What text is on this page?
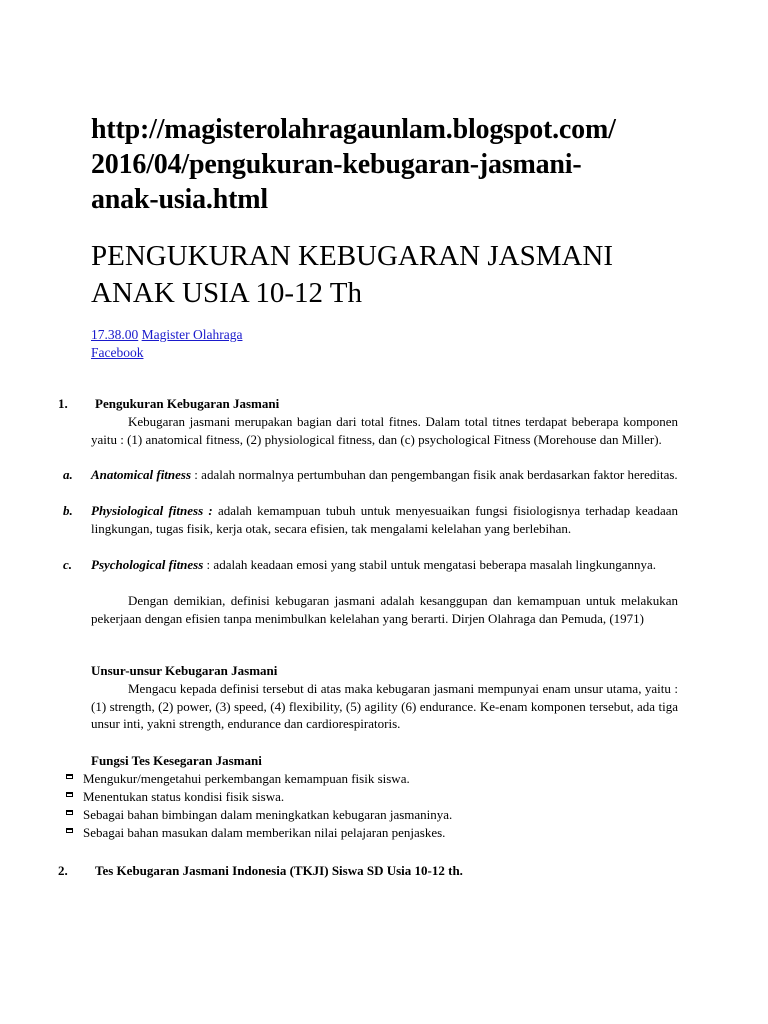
http://magisterolahragaunlam.blogspot.com/
2016/04/pengukuran-kebugaran-jasmani-
anak-usia.html
PENGUKURAN KEBUGARAN JASMANI
ANAK USIA 10-12 Th
17.38.00 Magister Olahraga
Facebook
1. Pengukuran Kebugaran Jasmani
Kebugaran jasmani merupakan bagian dari total fitnes. Dalam total titnes terdapat beberapa komponen yaitu : (1) anatomical fitness, (2) physiological fitness, dan (c) psychological Fitness (Morehouse dan Miller).
a. Anatomical fitness : adalah normalnya pertumbuhan dan pengembangan fisik anak berdasarkan faktor hereditas.
b. Physiological fitness : adalah kemampuan tubuh untuk menyesuaikan fungsi fisiologisnya terhadap keadaan lingkungan, tugas fisik, kerja otak, secara efisien, tak mengalami kelelahan yang berlebihan.
c. Psychological fitness : adalah keadaan emosi yang stabil untuk mengatasi beberapa masalah lingkungannya.
Dengan demikian, definisi kebugaran jasmani adalah kesanggupan dan kemampuan untuk melakukan pekerjaan dengan efisien tanpa menimbulkan kelelahan yang berarti. Dirjen Olahraga dan Pemuda, (1971)
Unsur-unsur Kebugaran Jasmani
Mengacu kepada definisi tersebut di atas maka kebugaran jasmani mempunyai enam unsur utama, yaitu : (1) strength, (2) power, (3) speed, (4) flexibility, (5) agility (6) endurance. Ke-enam komponen tersebut, ada tiga unsur inti, yakni strength, endurance dan cardiorespiratoris.
Fungsi Tes Kesegaran Jasmani
Mengukur/mengetahui perkembangan kemampuan fisik siswa.
Menentukan status kondisi fisik siswa.
Sebagai bahan bimbingan dalam meningkatkan kebugaran jasmaninya.
Sebagai bahan masukan dalam memberikan nilai pelajaran penjaskes.
2. Tes Kebugaran Jasmani Indonesia (TKJI) Siswa SD Usia 10-12 th.
